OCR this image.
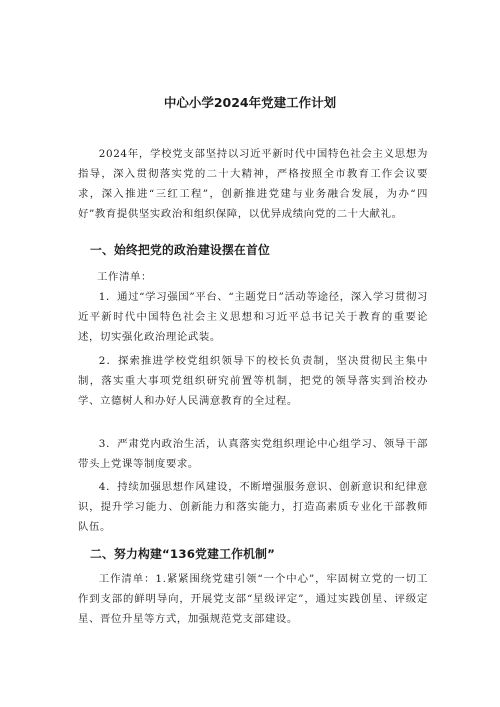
中心小学2024年党建工作计划

2024年，学校党支部坚持以习近平新时代中国特色社会主义思想为指导，深入贯彻落实党的二十大精神，严格按照全市教育工作会议要求，深入推进“三红工程”，创新推进党建与业务融合发展，为办“四好”教育提供坚实政治和组织保障，以优异成绩向党的二十大献礼。

一、始终把党的政治建设摆在首位
工作清单：

1．通过“学习强国”平台、“主题党日”活动等途径，深入学习贯彻习近平新时代中国特色社会主义思想和习近平总书记关于教育的重要论述，切实强化政治理论武装。

2．探索推进学校党组织领导下的校长负责制，坚决贯彻民主集中制，落实重大事项党组织研究前置等机制，把党的领导落实到治校办学、立德树人和办好人民满意教育的全过程。

3．严肃党内政治生活，认真落实党组织理论中心组学习、领导干部带头上党课等制度要求。

4．持续加强思想作风建设，不断增强服务意识、创新意识和纪律意识，提升学习能力、创新能力和落实能力，打造高素质专业化干部教师队伍。

二、努力构建“136党建工作机制”

工作清单：1.紧紧围绕党建引领“一个中心”，牢固树立党的一切工作到支部的鲜明导向，开展党支部“星级评定”，通过实践创星、评级定星、晋位升星等方式，加强规范党支部建设。
